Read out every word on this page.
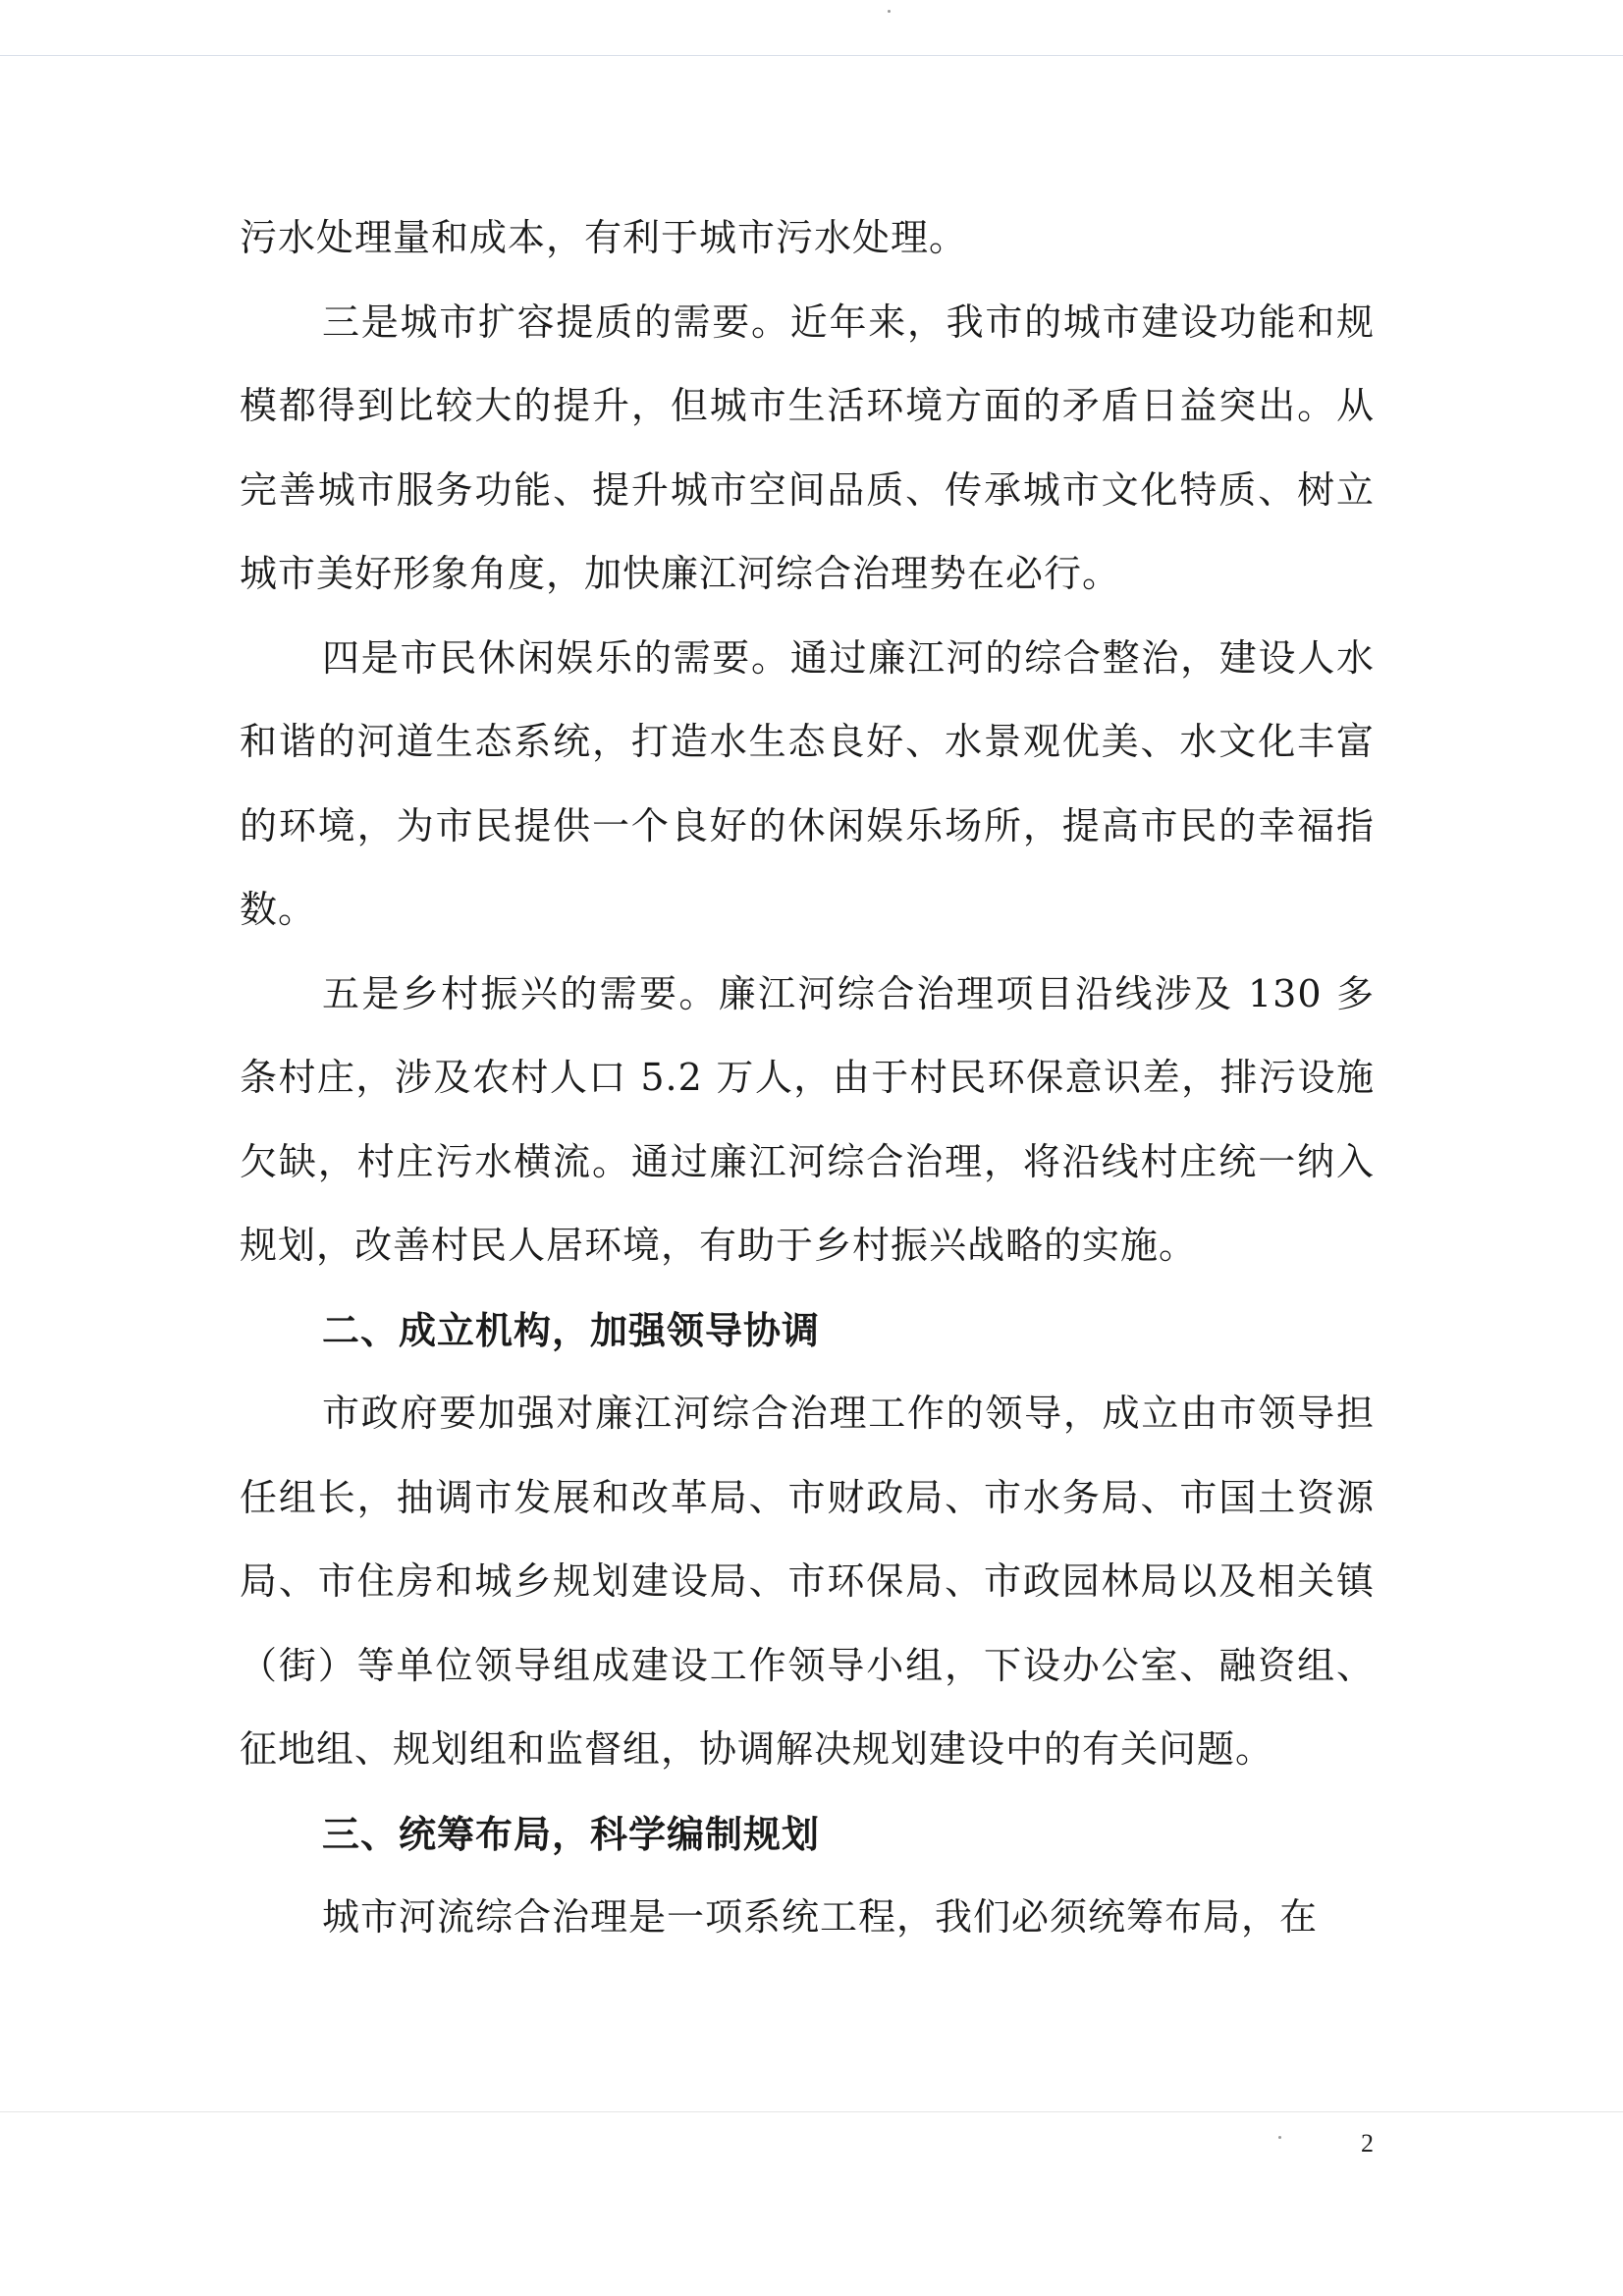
污水处理量和成本，有利于城市污水处理。

三是城市扩容提质的需要。近年来，我市的城市建设功能和规模都得到比较大的提升，但城市生活环境方面的矛盾日益突出。从完善城市服务功能、提升城市空间品质、传承城市文化特质、树立城市美好形象角度，加快廉江河综合治理势在必行。

四是市民休闲娱乐的需要。通过廉江河的综合整治，建设人水和谐的河道生态系统，打造水生态良好、水景观优美、水文化丰富的环境，为市民提供一个良好的休闲娱乐场所，提高市民的幸福指数。

五是乡村振兴的需要。廉江河综合治理项目沿线涉及 130 多条村庄，涉及农村人口 5.2 万人，由于村民环保意识差，排污设施欠缺，村庄污水横流。通过廉江河综合治理，将沿线村庄统一纳入规划，改善村民人居环境，有助于乡村振兴战略的实施。

二、成立机构，加强领导协调

市政府要加强对廉江河综合治理工作的领导，成立由市领导担任组长，抽调市发展和改革局、市财政局、市水务局、市国土资源局、市住房和城乡规划建设局、市环保局、市政园林局以及相关镇（街）等单位领导组成建设工作领导小组，下设办公室、融资组、征地组、规划组和监督组，协调解决规划建设中的有关问题。

三、统筹布局，科学编制规划

城市河流综合治理是一项系统工程，我们必须统筹布局，在

2
